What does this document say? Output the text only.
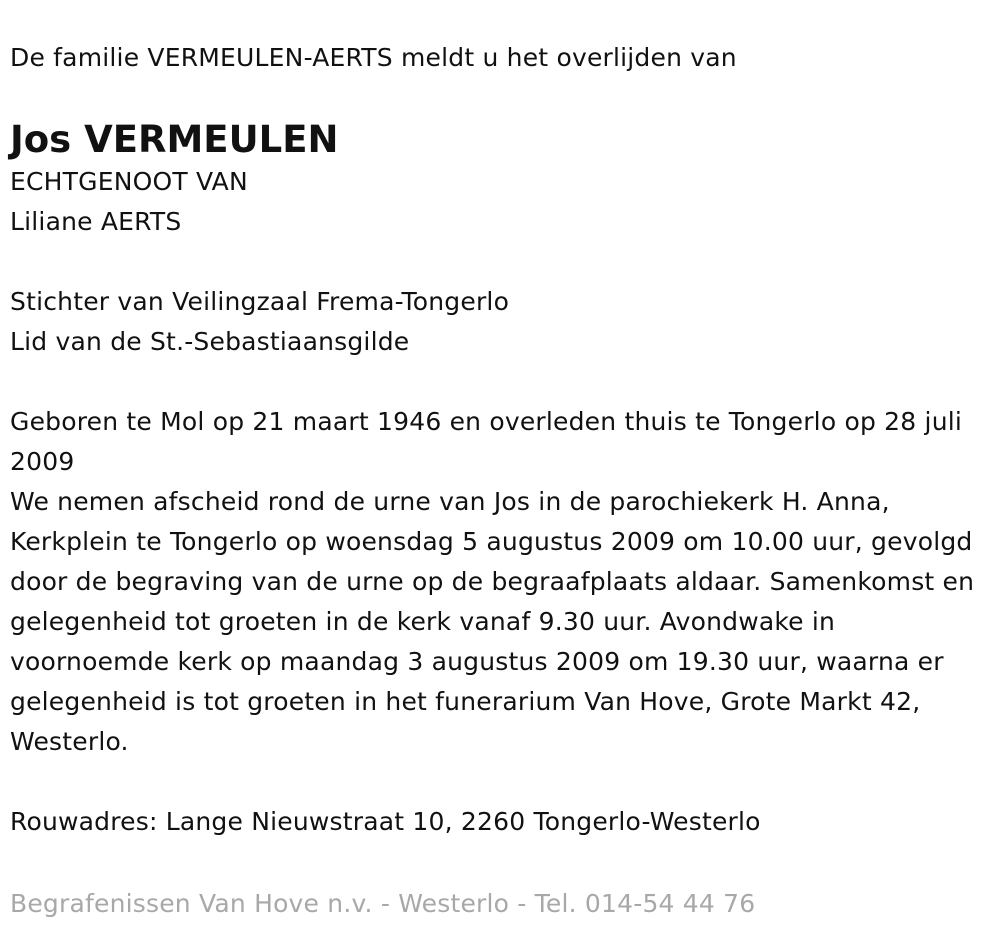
De familie VERMEULEN-AERTS meldt u het overlijden van

Jos VERMEULEN

ECHTGENOOT VAN

Liliane AERTS

Stichter van Veilingzaal Frema-Tongerlo

Lid van de St.-Sebastiaansgilde

Geboren te Mol op 21 maart 1946 en overleden thuis te Tongerlo op 28 juli 2009
We nemen afscheid rond de urne van Jos in de parochiekerk H. Anna, Kerkplein te Tongerlo op woensdag 5 augustus 2009 om 10.00 uur, gevolgd door de begraving van de urne op de begraafplaats aldaar. Samenkomst en gelegenheid tot groeten in de kerk vanaf 9.30 uur. Avondwake in voornoemde kerk op maandag 3 augustus 2009 om 19.30 uur, waarna er gelegenheid is tot groeten in het funerarium Van Hove, Grote Markt 42, Westerlo.

Rouwadres: Lange Nieuwstraat 10, 2260 Tongerlo-Westerlo

Begrafenissen Van Hove n.v. - Westerlo - Tel. 014-54 44 76
